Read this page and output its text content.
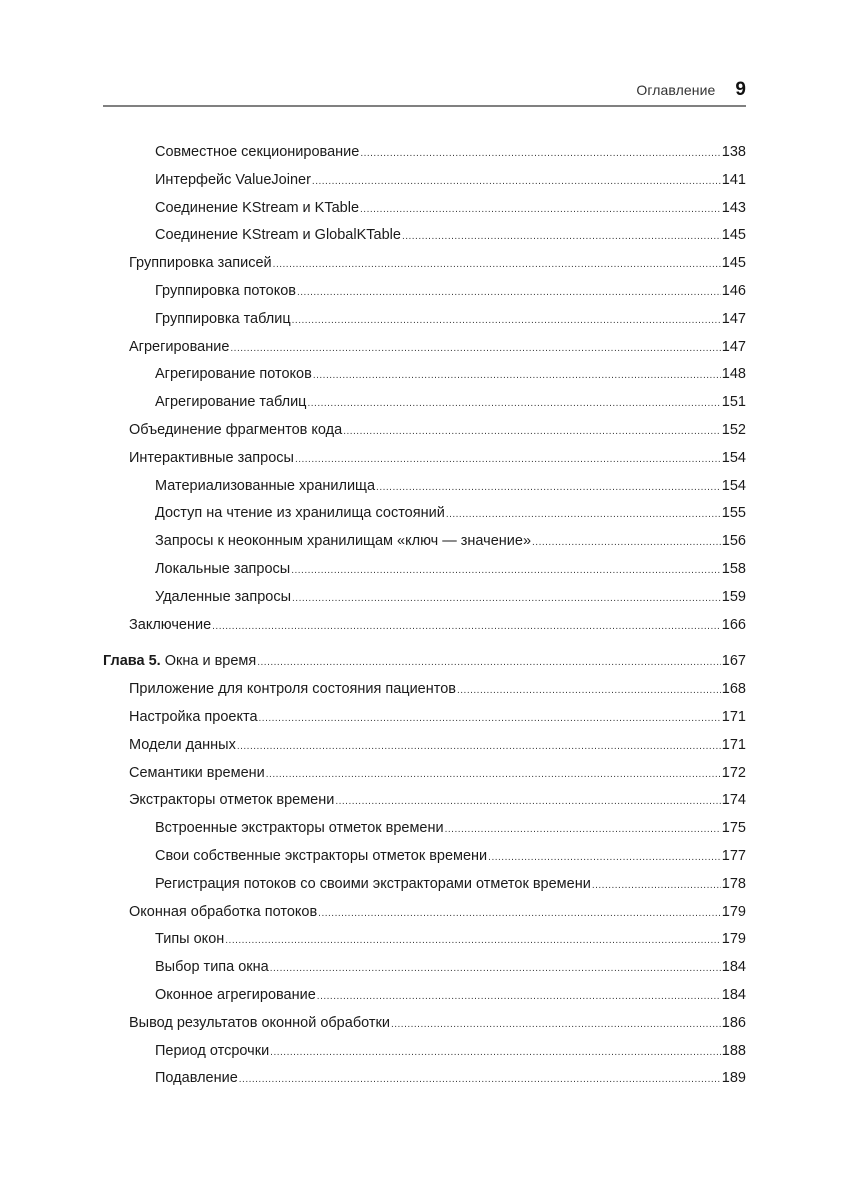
Оглавление 9
Совместное секционирование .....	138
Интерфейс ValueJoiner .....	141
Соединение KStream и KTable .....	143
Соединение KStream и GlobalKTable .....	145
Группировка записей .....	145
Группировка потоков .....	146
Группировка таблиц .....	147
Агрегирование .....	147
Агрегирование потоков .....	148
Агрегирование таблиц .....	151
Объединение фрагментов кода .....	152
Интерактивные запросы .....	154
Материализованные хранилища .....	154
Доступ на чтение из хранилища состояний .....	155
Запросы к неоконным хранилищам «ключ — значение» .....	156
Локальные запросы .....	158
Удаленные запросы .....	159
Заключение .....	166
Глава 5. Окна и время .....	167
Приложение для контроля состояния пациентов .....	168
Настройка проекта .....	171
Модели данных .....	171
Семантики времени .....	172
Экстракторы отметок времени .....	174
Встроенные экстракторы отметок времени .....	175
Свои собственные экстракторы отметок времени .....	177
Регистрация потоков со своими экстракторами отметок времени .....	178
Оконная обработка потоков .....	179
Типы окон .....	179
Выбор типа окна .....	184
Оконное агрегирование .....	184
Вывод результатов оконной обработки .....	186
Период отсрочки .....	188
Подавление .....	189
